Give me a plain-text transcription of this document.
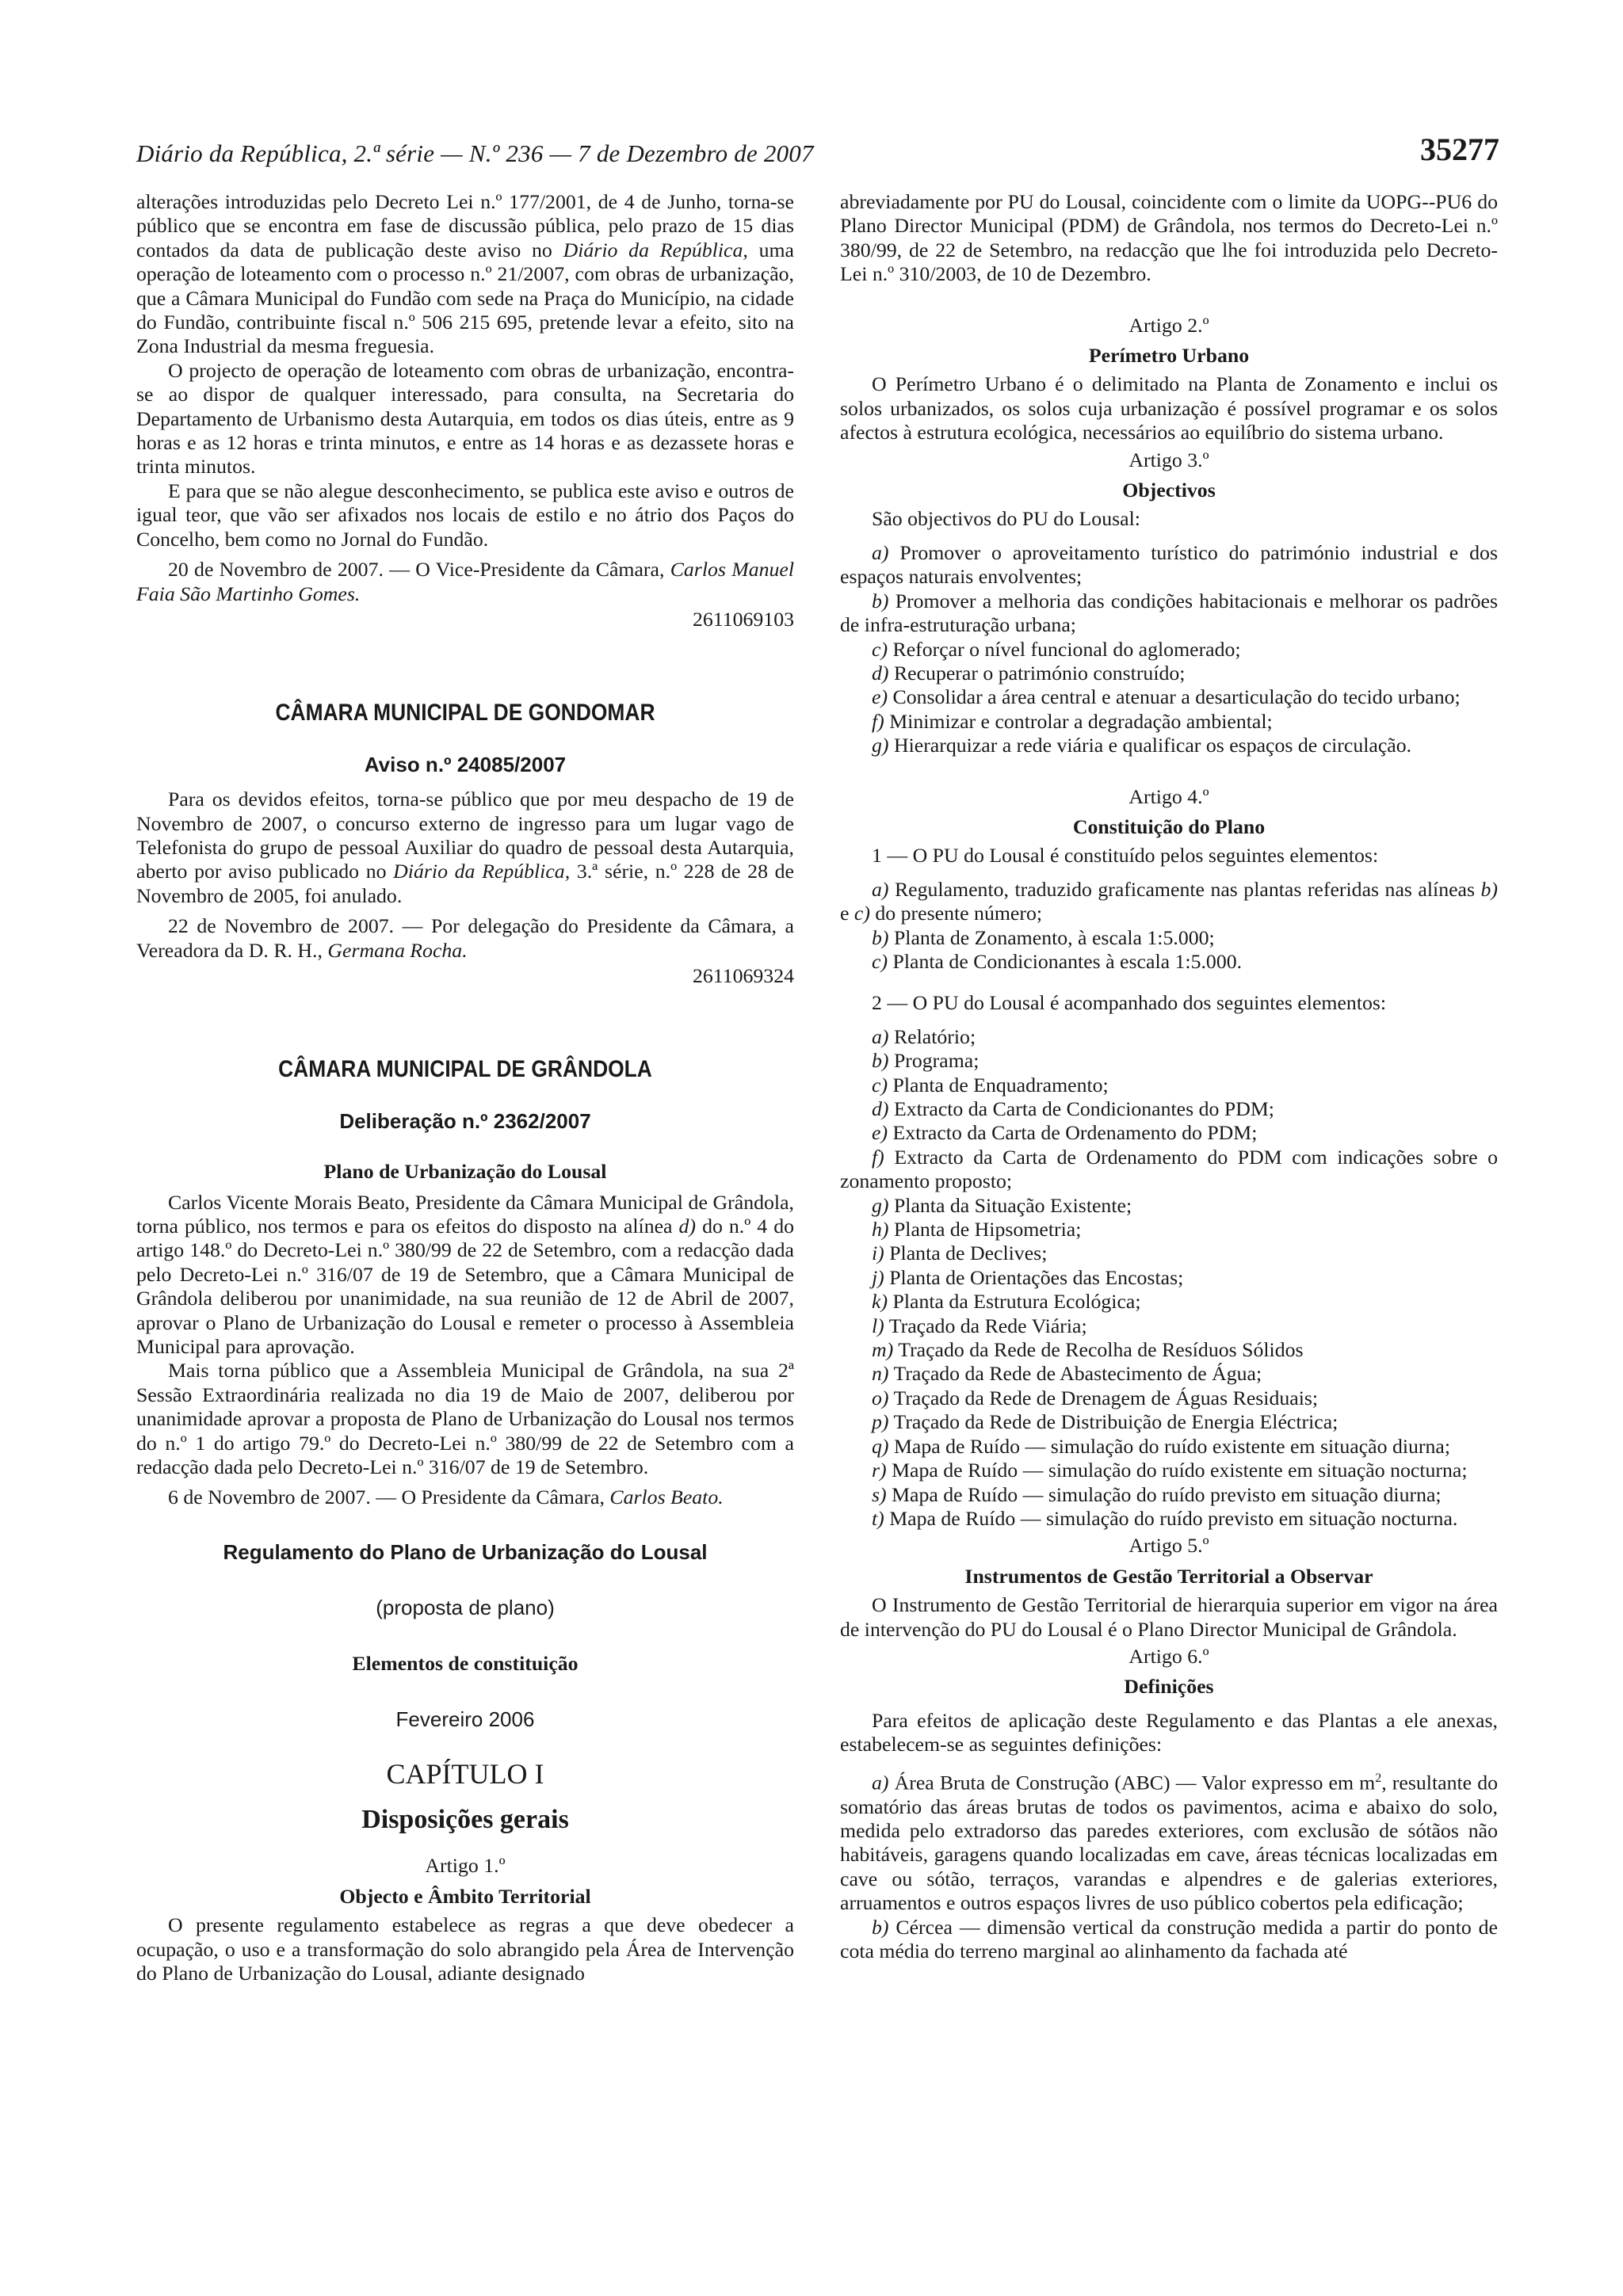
Diário da República, 2.ª série — N.º 236 — 7 de Dezembro de 2007	35277

alterações introduzidas pelo Decreto Lei n.º 177/2001, de 4 de Junho, torna-se público que se encontra em fase de discussão pública, pelo prazo de 15 dias contados da data de publicação deste aviso no Diário da República, uma operação de loteamento com o processo n.º 21/2007, com obras de urbanização, que a Câmara Municipal do Fundão com sede na Praça do Município, na cidade do Fundão, contribuinte fiscal n.º 506 215 695, pretende levar a efeito, sito na Zona Industrial da mesma freguesia.

O projecto de operação de loteamento com obras de urbanização, encontra-se ao dispor de qualquer interessado, para consulta, na Secretaria do Departamento de Urbanismo desta Autarquia, em todos os dias úteis, entre as 9 horas e as 12 horas e trinta minutos, e entre as 14 horas e as dezassete horas e trinta minutos.

E para que se não alegue desconhecimento, se publica este aviso e outros de igual teor, que vão ser afixados nos locais de estilo e no átrio dos Paços do Concelho, bem como no Jornal do Fundão.

20 de Novembro de 2007. — O Vice-Presidente da Câmara, Carlos Manuel Faia São Martinho Gomes.

2611069103

CÂMARA MUNICIPAL DE GONDOMAR
Aviso n.º 24085/2007

Para os devidos efeitos, torna-se público que por meu despacho de 19 de Novembro de 2007, o concurso externo de ingresso para um lugar vago de Telefonista do grupo de pessoal Auxiliar do quadro de pessoal desta Autarquia, aberto por aviso publicado no Diário da República, 3.ª série, n.º 228 de 28 de Novembro de 2005, foi anulado.

22 de Novembro de 2007. — Por delegação do Presidente da Câmara, a Vereadora da D. R. H., Germana Rocha.

2611069324

CÂMARA MUNICIPAL DE GRÂNDOLA
Deliberação n.º 2362/2007
Plano de Urbanização do Lousal

Carlos Vicente Morais Beato, Presidente da Câmara Municipal de Grândola, torna público, nos termos e para os efeitos do disposto na alínea d) do n.º 4 do artigo 148.º do Decreto-Lei n.º 380/99 de 22 de Setembro, com a redacção dada pelo Decreto-Lei n.º 316/07 de 19 de Setembro, que a Câmara Municipal de Grândola deliberou por unanimidade, na sua reunião de 12 de Abril de 2007, aprovar o Plano de Urbanização do Lousal e remeter o processo à Assembleia Municipal para aprovação.

Mais torna público que a Assembleia Municipal de Grândola, na sua 2ª Sessão Extraordinária realizada no dia 19 de Maio de 2007, deliberou por unanimidade aprovar a proposta de Plano de Urbanização do Lousal nos termos do n.º 1 do artigo 79.º do Decreto-Lei n.º 380/99 de 22 de Setembro com a redacção dada pelo Decreto-Lei n.º 316/07 de 19 de Setembro.

6 de Novembro de 2007. — O Presidente da Câmara, Carlos Beato.

Regulamento do Plano de Urbanização do Lousal
(proposta de plano)
Elementos de constituição
Fevereiro 2006
CAPÍTULO I
Disposições gerais
Artigo 1.º
Objecto e Âmbito Territorial

O presente regulamento estabelece as regras a que deve obedecer a ocupação, o uso e a transformação do solo abrangido pela Área de Intervenção do Plano de Urbanização do Lousal, adiante designado

abreviadamente por PU do Lousal, coincidente com o limite da UOPG--PU6 do Plano Director Municipal (PDM) de Grândola, nos termos do Decreto-Lei n.º 380/99, de 22 de Setembro, na redacção que lhe foi introduzida pelo Decreto-Lei n.º 310/2003, de 10 de Dezembro.

Artigo 2.º
Perímetro Urbano

O Perímetro Urbano é o delimitado na Planta de Zonamento e inclui os solos urbanizados, os solos cuja urbanização é possível programar e os solos afectos à estrutura ecológica, necessários ao equilíbrio do sistema urbano.

Artigo 3.º
Objectivos

São objectivos do PU do Lousal:

a) Promover o aproveitamento turístico do património industrial e dos espaços naturais envolventes;
b) Promover a melhoria das condições habitacionais e melhorar os padrões de infra-estruturação urbana;
c) Reforçar o nível funcional do aglomerado;
d) Recuperar o património construído;
e) Consolidar a área central e atenuar a desarticulação do tecido urbano;
f) Minimizar e controlar a degradação ambiental;
g) Hierarquizar a rede viária e qualificar os espaços de circulação.
Artigo 4.º
Constituição do Plano

1 — O PU do Lousal é constituído pelos seguintes elementos:

a) Regulamento, traduzido graficamente nas plantas referidas nas alíneas b) e c) do presente número;
b) Planta de Zonamento, à escala 1:5.000;
c) Planta de Condicionantes à escala 1:5.000.

2 — O PU do Lousal é acompanhado dos seguintes elementos:

a) Relatório;
b) Programa;
c) Planta de Enquadramento;
d) Extracto da Carta de Condicionantes do PDM;
e) Extracto da Carta de Ordenamento do PDM;
f) Extracto da Carta de Ordenamento do PDM com indicações sobre o zonamento proposto;
g) Planta da Situação Existente;
h) Planta de Hipsometria;
i) Planta de Declives;
j) Planta de Orientações das Encostas;
k) Planta da Estrutura Ecológica;
l) Traçado da Rede Viária;
m) Traçado da Rede de Recolha de Resíduos Sólidos
n) Traçado da Rede de Abastecimento de Água;
o) Traçado da Rede de Drenagem de Águas Residuais;
p) Traçado da Rede de Distribuição de Energia Eléctrica;
q) Mapa de Ruído — simulação do ruído existente em situação diurna;
r) Mapa de Ruído — simulação do ruído existente em situação nocturna;
s) Mapa de Ruído — simulação do ruído previsto em situação diurna;
t) Mapa de Ruído — simulação do ruído previsto em situação nocturna.
Artigo 5.º
Instrumentos de Gestão Territorial a Observar

O Instrumento de Gestão Territorial de hierarquia superior em vigor na área de intervenção do PU do Lousal é o Plano Director Municipal de Grândola.

Artigo 6.º
Definições

Para efeitos de aplicação deste Regulamento e das Plantas a ele anexas, estabelecem-se as seguintes definições:

a) Área Bruta de Construção (ABC) — Valor expresso em $m^2$, resultante do somatório das áreas brutas de todos os pavimentos, acima e abaixo do solo, medida pelo extradorso das paredes exteriores, com exclusão de sótãos não habitáveis, garagens quando localizadas em cave, áreas técnicas localizadas em cave ou sótão, terraços, varandas e alpendres e de galerias exteriores, arruamentos e outros espaços livres de uso público cobertos pela edificação;
b) Cércea — dimensão vertical da construção medida a partir do ponto de cota média do terreno marginal ao alinhamento da fachada até
